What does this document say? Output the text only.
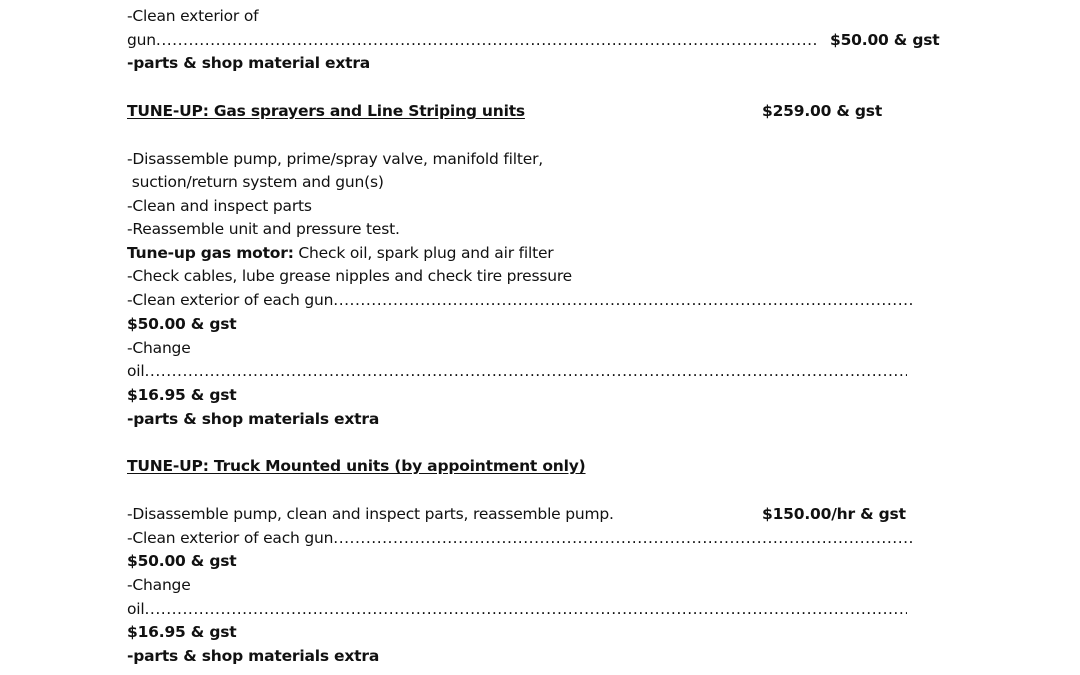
-Clean exterior of
gun.....	$50.00 & gst
-parts & shop material extra
TUNE-UP: Gas sprayers and Line Striping units	$259.00 & gst
-Disassemble pump, prime/spray valve, manifold filter,
suction/return system and gun(s)
-Clean and inspect parts
-Reassemble unit and pressure test.
Tune-up gas motor: Check oil, spark plug and air filter
-Check cables, lube grease nipples and check tire pressure
-Clean exterior of each gun.....
$50.00 & gst
-Change
oil.....
$16.95 & gst
-parts & shop materials extra
TUNE-UP: Truck Mounted units (by appointment only)
-Disassemble pump, clean and inspect parts, reassemble pump.	$150.00/hr & gst
-Clean exterior of each gun.....
$50.00 & gst
-Change
oil.....
$16.95 & gst
-parts & shop materials extra
